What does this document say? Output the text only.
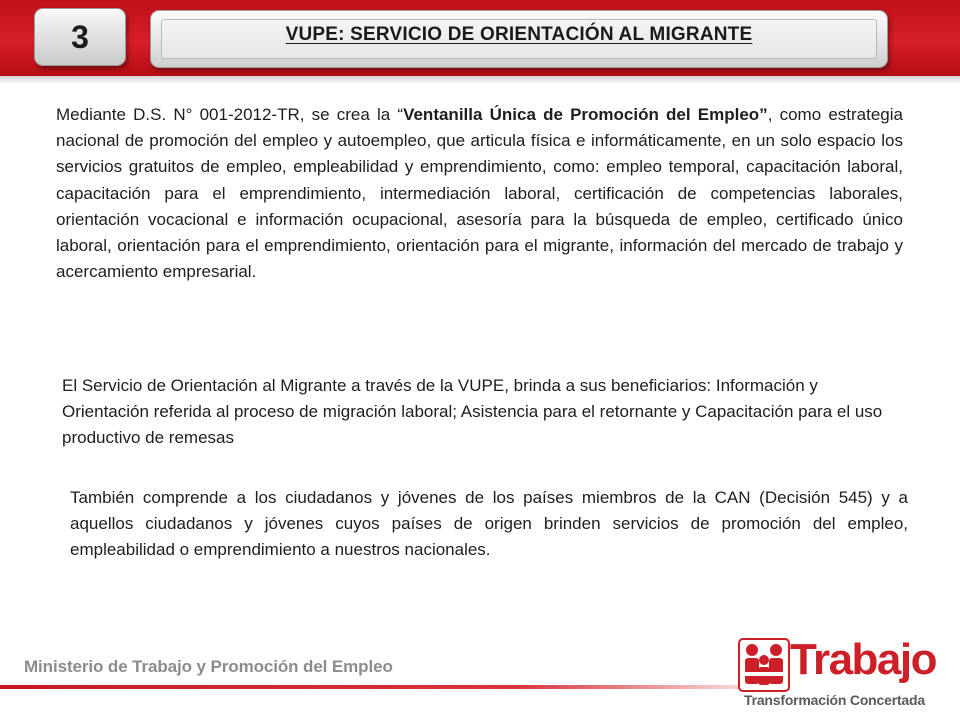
3	VUPE: SERVICIO DE ORIENTACIÓN AL MIGRANTE

Mediante D.S. N° 001-2012-TR, se crea la “Ventanilla Única de Promoción del Empleo”, como estrategia nacional de promoción del empleo y autoempleo, que articula física e informáticamente, en un solo espacio los servicios gratuitos de empleo, empleabilidad y emprendimiento, como: empleo temporal, capacitación laboral, capacitación para el emprendimiento, intermediación laboral, certificación de competencias laborales, orientación vocacional e información ocupacional, asesoría para la búsqueda de empleo, certificado único laboral, orientación para el emprendimiento, orientación para el migrante, información del mercado de trabajo y acercamiento empresarial.

El Servicio de Orientación al Migrante a través de la VUPE, brinda a sus beneficiarios: Información y Orientación referida al proceso de migración laboral; Asistencia para el retornante y Capacitación para el uso productivo de remesas

También comprende a los ciudadanos y jóvenes de los países miembros de la CAN (Decisión 545) y a aquellos ciudadanos y jóvenes cuyos países de origen brinden servicios de promoción del empleo, empleabilidad o emprendimiento a nuestros nacionales.

Ministerio de Trabajo y Promoción del Empleo	Trabajo
Transformación Concertada
